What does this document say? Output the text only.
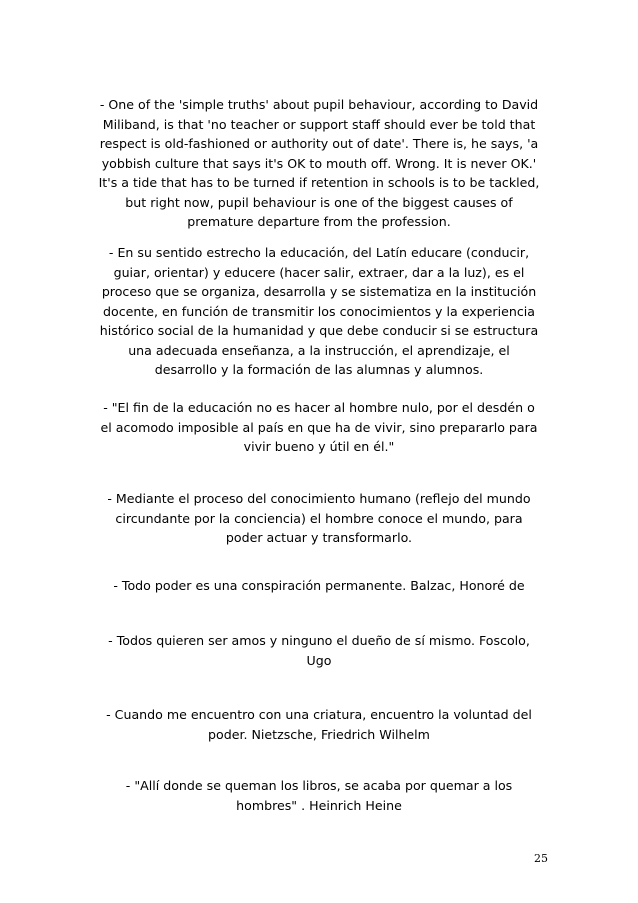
- One of the 'simple truths' about pupil behaviour, according to David
Miliband, is that 'no teacher or support staff should ever be told that
respect is old-fashioned or authority out of date'. There is, he says, 'a
yobbish culture that says it's OK to mouth off. Wrong. It is never OK.'
It's a tide that has to be turned if retention in schools is to be tackled,
but right now, pupil behaviour is one of the biggest causes of
premature departure from the profession.

- En su sentido estrecho la educación, del Latín educare (conducir,
guiar, orientar) y educere (hacer salir, extraer, dar a la luz), es el
proceso que se organiza, desarrolla y se sistematiza en la institución
docente, en función de transmitir los conocimientos y la experiencia
histórico social de la humanidad y que debe conducir si se estructura
una adecuada enseñanza, a la instrucción, el aprendizaje, el
desarrollo y la formación de las alumnas y alumnos.

- "El fin de la educación no es hacer al hombre nulo, por el desdén o
el acomodo imposible al país en que ha de vivir, sino prepararlo para
vivir bueno y útil en él."

- Mediante el proceso del conocimiento humano (reflejo del mundo
circundante por la conciencia) el hombre conoce el mundo, para
poder actuar y transformarlo.

- Todo poder es una conspiración permanente. Balzac, Honoré de

- Todos quieren ser amos y ninguno el dueño de sí mismo. Foscolo,
Ugo

- Cuando me encuentro con una criatura, encuentro la voluntad del
poder. Nietzsche, Friedrich Wilhelm

- "Allí donde se queman los libros, se acaba por quemar a los
hombres" . Heinrich Heine

25
